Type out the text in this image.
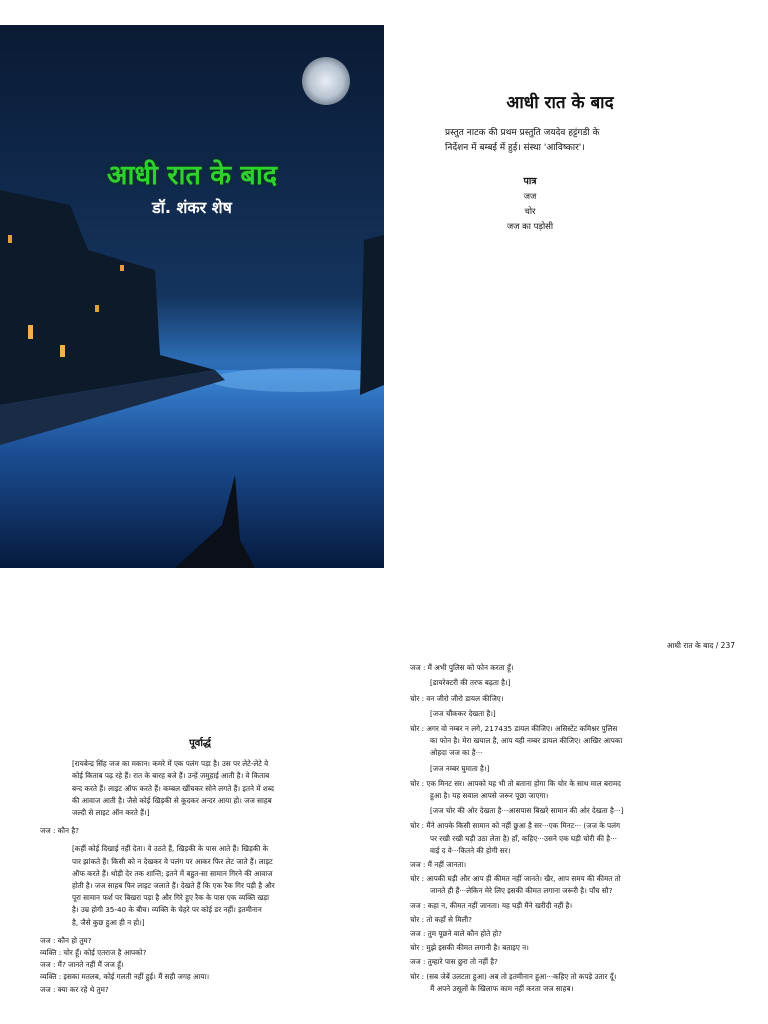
आधी रात के बाद
डॉ. शंकर शेष
आधी रात के बाद
प्रस्तुत नाटक की प्रथम प्रस्तुति जयदेव हट्टंगडी के
निर्देशन में बम्बई में हुई। संस्था 'आविष्कार'।
पात्र
जज
चोर
जज का पड़ोसी
पूर्वार्द्ध
[रायबेन्द्र सिंह जज का मकान। कमरे में एक पलंग पड़ा है। उस पर लेटे-लेटे वे
कोई किताब पढ़ रहे हैं। रात के बारह बजे हैं। उन्हें जमुहाई आती है। वे किताब
बन्द करते हैं। लाइट ऑफ करते हैं। कम्बल खींचकर सोने लगते हैं। इतने में शब्द
की आवाज आती है। जैसे कोई खिड़की से कूदकर अन्दर आया हो। जज साहब
जल्दी से लाइट ऑन करते हैं।]
जज : कौन है?
[कहीं कोई दिखाई नहीं देता। वे उठते हैं, खिड़की के पास आते हैं। खिड़की के
पार झांकते हैं। किसी को न देखकर वे पलंग पर आकर फिर लेट जाते हैं। लाइट
ऑफ करते हैं। थोड़ी देर तक शान्ति; इतने में बहुत-सा सामान गिरने की आवाज
होती है। जज साहब फिर लाइट जलाते हैं। देखते हैं कि एक रैक गिर पड़ी है और
पूरा सामान फर्श पर बिखरा पड़ा है और गिरे हुए रैक के पास एक व्यक्ति खड़ा
है। उम्र होगी 35-40 के बीच। व्यक्ति के चेहरे पर कोई डर नहीं। इतमीनान
है, जैसे कुछ हुआ ही न हो।]
जज : कौन हो तुम?
व्यक्ति : चोर हूँ। कोई एतराज है आपको?
जज : मैं? जानते नहीं मैं जज हूँ।
व्यक्ति : इसका मतलब, कोई गलती नहीं हुई। मैं सही जगह आया।
जज : क्या कर रहे थे तुम?
आधी रात के बाद / 237
जज : मैं अभी पुलिस को फोन करता हूँ।
[डायरेक्टरी की तरफ बढ़ता है।]
चोर : वन जीरो जीरो डायल कीजिए।
[जज चौंककर देखता है।]
चोर : अगर वो नम्बर न लगे, 217435 डायल कीजिए। असिस्टेंट कमिश्नर पुलिस
का फोन है। मेरा खयाल है, आप यही नम्बर डायल कीजिए। आखिर आपका
ओहदा जज का है···
[जज नम्बर घुमाता है।]
चोर : एक मिनट सर। आपको यह भी तो बताना होगा कि चोर के साथ माल बरामद
हुआ है। यह सवाल आपसे जरूर पूछा जाएगा।
[जज चोर की ओर देखता है···आसपास बिखरे सामान की ओर देखता है···]
चोर : मैंने आपके किसी सामान को नहीं छुआ है सर···एक मिनट··· (जज के पलंग
पर रखी रखी घड़ी उठा लेता है) हाँ, कहिए···उसने एक घड़ी चोरी की है···
वाई द वे···कितने की होगी सर।
जज : मैं नहीं जानता।
चोर : आपकी घड़ी और आप ही कीमत नहीं जानते। खैर, आप समय की कीमत तो
जानते ही हैं···लेकिन मेरे लिए इसकी कीमत लगाना जरूरी है। पाँच सौ?
जज : कहा न, कीमत नहीं जानता। यह घड़ी मैंने खरीदी नहीं है।
चोर : तो कहाँ से मिली?
जज : तुम पूछने वाले कौन होते हो?
चोर : मुझे इसकी कीमत लगानी है। बताइए न।
जज : तुम्हारे पास छुरा तो नहीं है?
चोर : (सब जेबें उलटता हुआ) अब तो इतमीनान हुआ···कहिए तो कपड़े उतार दूँ।
मैं अपने उसूलों के खिलाफ काम नहीं करता जज साहब।
